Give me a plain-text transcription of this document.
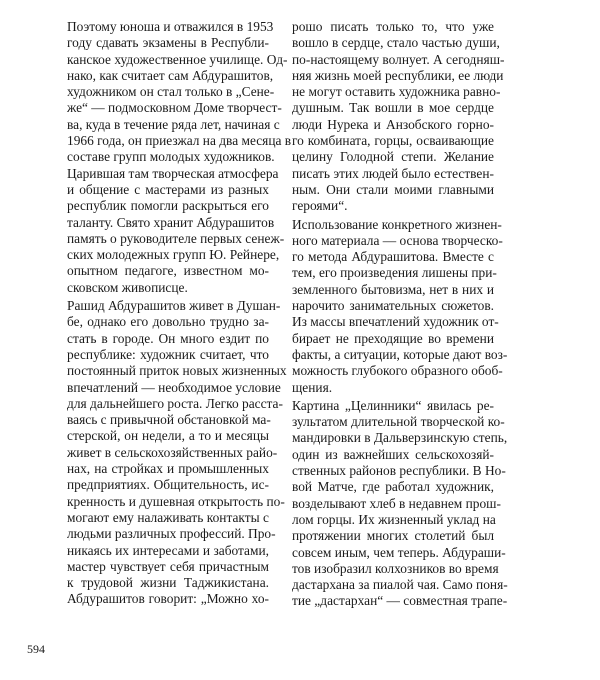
Поэтому юноша и отважился в 1953
году сдавать экзамены в Республи-
канское художественное училище. Од-
нако, как считает сам Абдурашитов,
художником он стал только в „Сене-
же“ — подмосковном Доме творчест-
ва, куда в течение ряда лет, начиная с
1966 года, он приезжал на два месяца в
составе групп молодых художников.
Царившая там творческая атмосфера
и общение с мастерами из разных
республик помогли раскрыться его
таланту. Свято хранит Абдурашитов
память о руководителе первых сенеж-
ских молодежных групп Ю. Рейнере,
опытном педагоге, известном мо-
сковском живописце.
Рашид Абдурашитов живет в Душан-
бе, однако его довольно трудно за-
стать в городе. Он много ездит по
республике: художник считает, что
постоянный приток новых жизненных
впечатлений — необходимое условие
для дальнейшего роста. Легко расста-
ваясь с привычной обстановкой ма-
стерской, он недели, а то и месяцы
живет в сельскохозяйственных райо-
нах, на стройках и промышленных
предприятиях. Общительность, ис-
кренность и душевная открытость по-
могают ему налаживать контакты с
людьми различных профессий. Про-
никаясь их интересами и заботами,
мастер чувствует себя причастным
к трудовой жизни Таджикистана.
Абдурашитов говорит: „Можно хо-
рошо писать только то, что уже
вошло в сердце, стало частью души,
по-настоящему волнует. А сегодняш-
няя жизнь моей республики, ее люди
не могут оставить художника равно-
душным. Так вошли в мое сердце
люди Нурека и Анзобского горно-
го комбината, горцы, осваивающие
целину Голодной степи. Желание
писать этих людей было естествен-
ным. Они стали моими главными
героями“.
Использование конкретного жизнен-
ного материала — основа творческо-
го метода Абдурашитова. Вместе с
тем, его произведения лишены при-
земленного бытовизма, нет в них и
нарочито занимательных сюжетов.
Из массы впечатлений художник от-
бирает не преходящие во времени
факты, а ситуации, которые дают воз-
можность глубокого образного обоб-
щения.
Картина „Целинники“ явилась ре-
зультатом длительной творческой ко-
мандировки в Дальверзинскую степь,
один из важнейших сельскохозяй-
ственных районов республики. В Но-
вой Матче, где работал художник,
возделывают хлеб в недавнем прош-
лом горцы. Их жизненный уклад на
протяжении многих столетий был
совсем иным, чем теперь. Абдураши-
тов изобразил колхозников во время
дастархана за пиалой чая. Само поня-
тие „дастархан“ — совместная трапе-
594
